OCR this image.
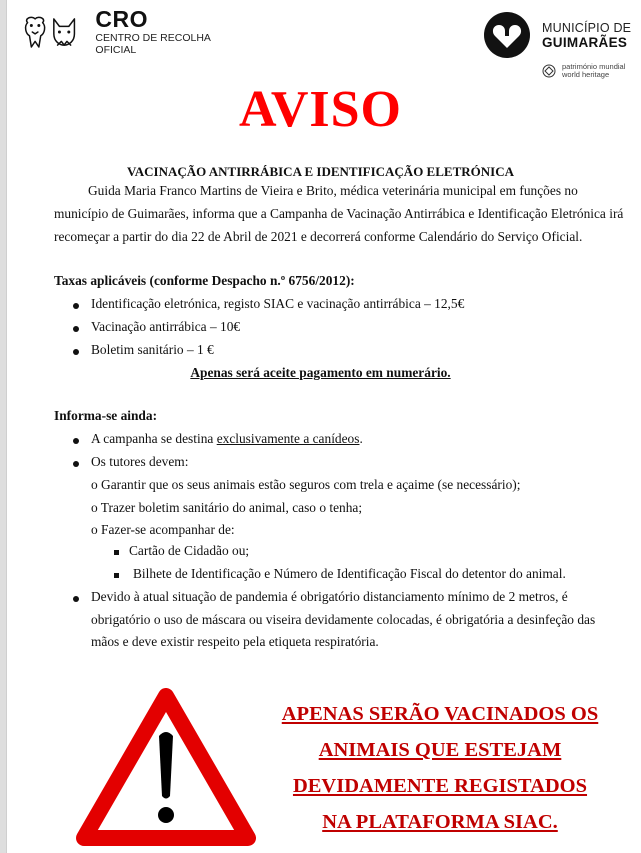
CRO
CENTRO DE RECOLHA OFICIAL
MUNICÍPIO DE
GUIMARÃES
património mundial
world heritage
AVISO
VACINAÇÃO ANTIRRÁBICA E IDENTIFICAÇÃO ELETRÓNICA
Guida Maria Franco Martins de Vieira e Brito, médica veterinária municipal em funções no
município de Guimarães, informa que a Campanha de Vacinação Antirrábica e Identificação Eletrónica irá
recomeçar a partir do dia 22 de Abril de 2021 e decorrerá conforme Calendário do Serviço Oficial.
Taxas aplicáveis (conforme Despacho n.º 6756/2012):
Identificação eletrónica, registo SIAC e vacinação antirrábica – 12,5€
Vacinação antirrábica – 10€
Boletim sanitário – 1 €
Apenas será aceite pagamento em numerário.
Informa-se ainda:
A campanha se destina exclusivamente a canídeos.
Os tutores devem:
o Garantir que os seus animais estão seguros com trela e açaime (se necessário);
o Trazer boletim sanitário do animal, caso o tenha;
o Fazer-se acompanhar de:
Cartão de Cidadão ou;
Bilhete de Identificação e Número de Identificação Fiscal do detentor do animal.
Devido à atual situação de pandemia é obrigatório distanciamento mínimo de 2 metros, é
obrigatório o uso de máscara ou viseira devidamente colocadas, é obrigatória a desinfeção das
mãos e deve existir respeito pela etiqueta respiratória.
APENAS SERÃO VACINADOS OS
ANIMAIS QUE ESTEJAM
DEVIDAMENTE REGISTADOS
NA PLATAFORMA SIAC.
